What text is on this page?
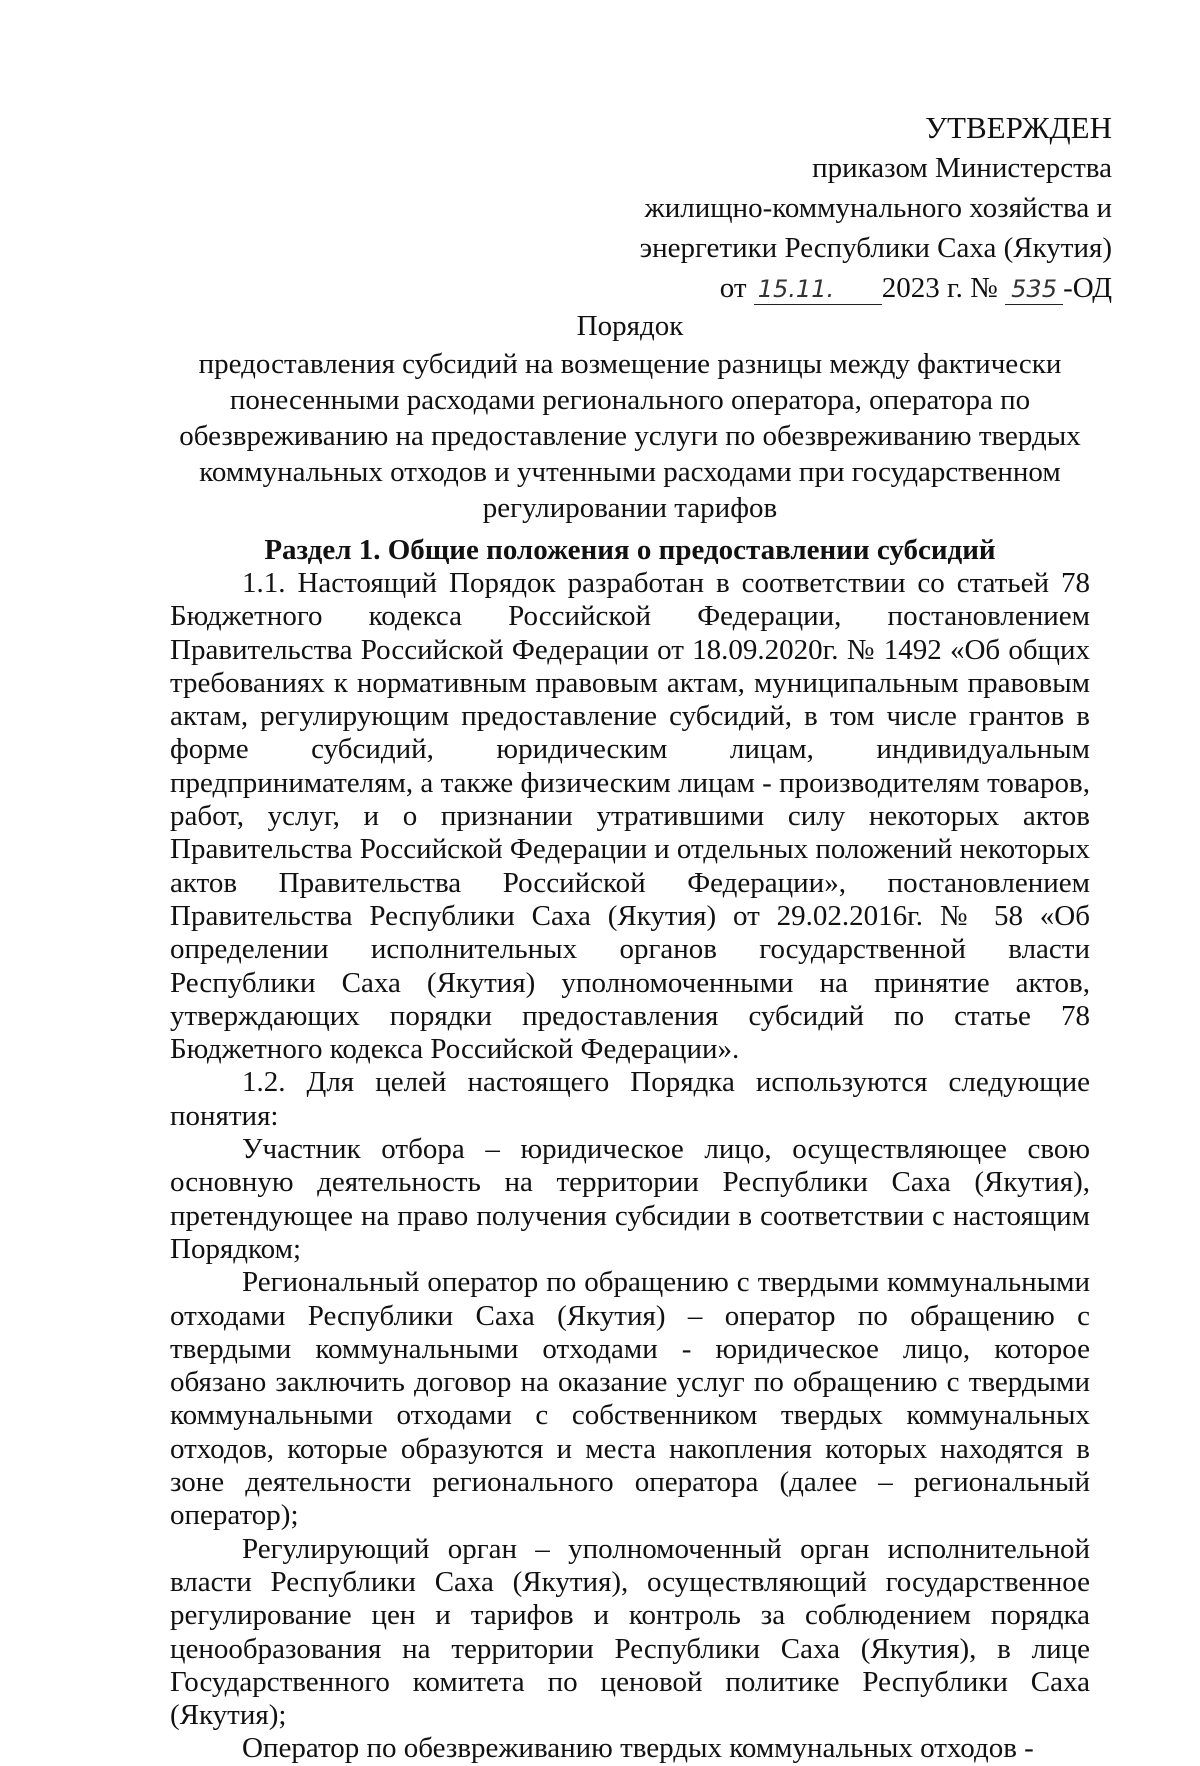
УТВЕРЖДЕН
приказом Министерства
жилищно-коммунального хозяйства и
энергетики Республики Саха (Якутия)
от 15.11. 2023 г. № 535 -ОД
Порядок
предоставления субсидий на возмещение разницы между фактически понесенными расходами регионального оператора, оператора по обезвреживанию на предоставление услуги по обезвреживанию твердых коммунальных отходов и учтенными расходами при государственном регулировании тарифов
Раздел 1. Общие положения о предоставлении субсидий

1.1. Настоящий Порядок разработан в соответствии со статьей 78 Бюджетного кодекса Российской Федерации, постановлением Правительства Российской Федерации от 18.09.2020г. № 1492 «Об общих требованиях к нормативным правовым актам, муниципальным правовым актам, регулирующим предоставление субсидий, в том числе грантов в форме субсидий, юридическим лицам, индивидуальным предпринимателям, а также физическим лицам - производителям товаров, работ, услуг, и о признании утратившими силу некоторых актов Правительства Российской Федерации и отдельных положений некоторых актов Правительства Российской Федерации», постановлением Правительства Республики Саха (Якутия) от 29.02.2016г. № 58 «Об определении исполнительных органов государственной власти Республики Саха (Якутия) уполномоченными на принятие актов, утверждающих порядки предоставления субсидий по статье 78 Бюджетного кодекса Российской Федерации».

1.2. Для целей настоящего Порядка используются следующие понятия:

Участник отбора – юридическое лицо, осуществляющее свою основную деятельность на территории Республики Саха (Якутия), претендующее на право получения субсидии в соответствии с настоящим Порядком;

Региональный оператор по обращению с твердыми коммунальными отходами Республики Саха (Якутия) – оператор по обращению с твердыми коммунальными отходами - юридическое лицо, которое обязано заключить договор на оказание услуг по обращению с твердыми коммунальными отходами с собственником твердых коммунальных отходов, которые образуются и места накопления которых находятся в зоне деятельности регионального оператора (далее – региональный оператор);

Регулирующий орган – уполномоченный орган исполнительной власти Республики Саха (Якутия), осуществляющий государственное регулирование цен и тарифов и контроль за соблюдением порядка ценообразования на территории Республики Саха (Якутия), в лице Государственного комитета по ценовой политике Республики Саха (Якутия);

Оператор по обезвреживанию твердых коммунальных отходов -
